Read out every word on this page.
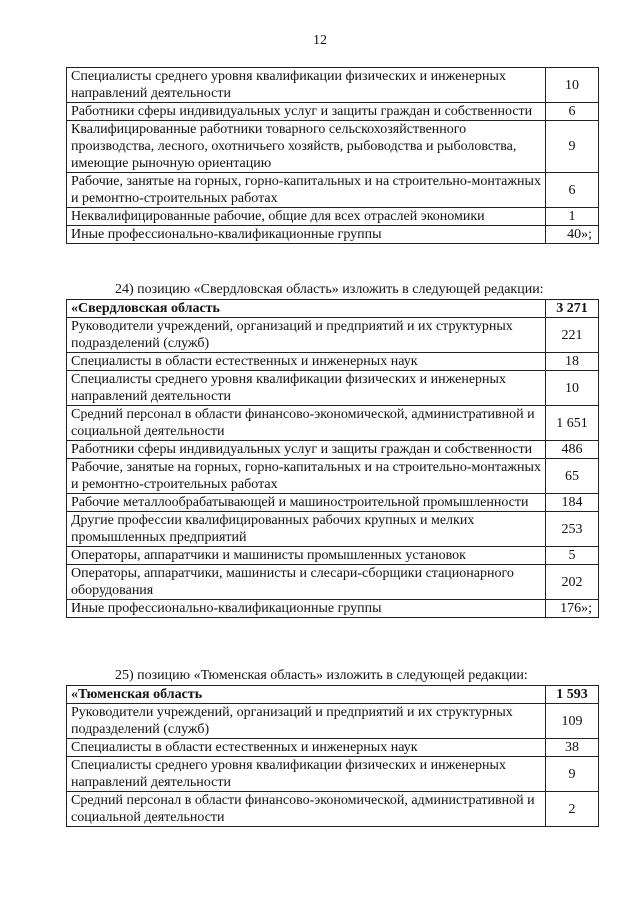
12
Специалисты среднего уровня квалификации физических и инженерных направлений деятельности	10
Работники сферы индивидуальных услуг и защиты граждан и собственности	6
Квалифицированные работники товарного сельскохозяйственного производства, лесного, охотничьего хозяйств, рыбоводства и рыболовства, имеющие рыночную ориентацию	9
Рабочие, занятые на горных, горно-капитальных и на строительно-монтажных и ремонтно-строительных работах	6
Неквалифицированные рабочие, общие для всех отраслей экономики	1
Иные профессионально-квалификационные группы	40»;
24) позицию «Свердловская область» изложить в следующей редакции:
«Свердловская область	3 271
Руководители учреждений, организаций и предприятий и их структурных подразделений (служб)	221
Специалисты в области естественных и инженерных наук	18
Специалисты среднего уровня квалификации физических и инженерных направлений деятельности	10
Средний персонал в области финансово-экономической, административной и социальной деятельности	1 651
Работники сферы индивидуальных услуг и защиты граждан и собственности	486
Рабочие, занятые на горных, горно-капитальных и на строительно-монтажных и ремонтно-строительных работах	65
Рабочие металлообрабатывающей и машиностроительной промышленности	184
Другие профессии квалифицированных рабочих крупных и мелких промышленных предприятий	253
Операторы, аппаратчики и машинисты промышленных установок	5
Операторы, аппаратчики, машинисты и слесари-сборщики стационарного оборудования	202
Иные профессионально-квалификационные группы	176»;
25) позицию «Тюменская область» изложить в следующей редакции:
«Тюменская область	1 593
Руководители учреждений, организаций и предприятий и их структурных подразделений (служб)	109
Специалисты в области естественных и инженерных наук	38
Специалисты среднего уровня квалификации физических и инженерных направлений деятельности	9
Средний персонал в области финансово-экономической, административной и социальной деятельности	2
